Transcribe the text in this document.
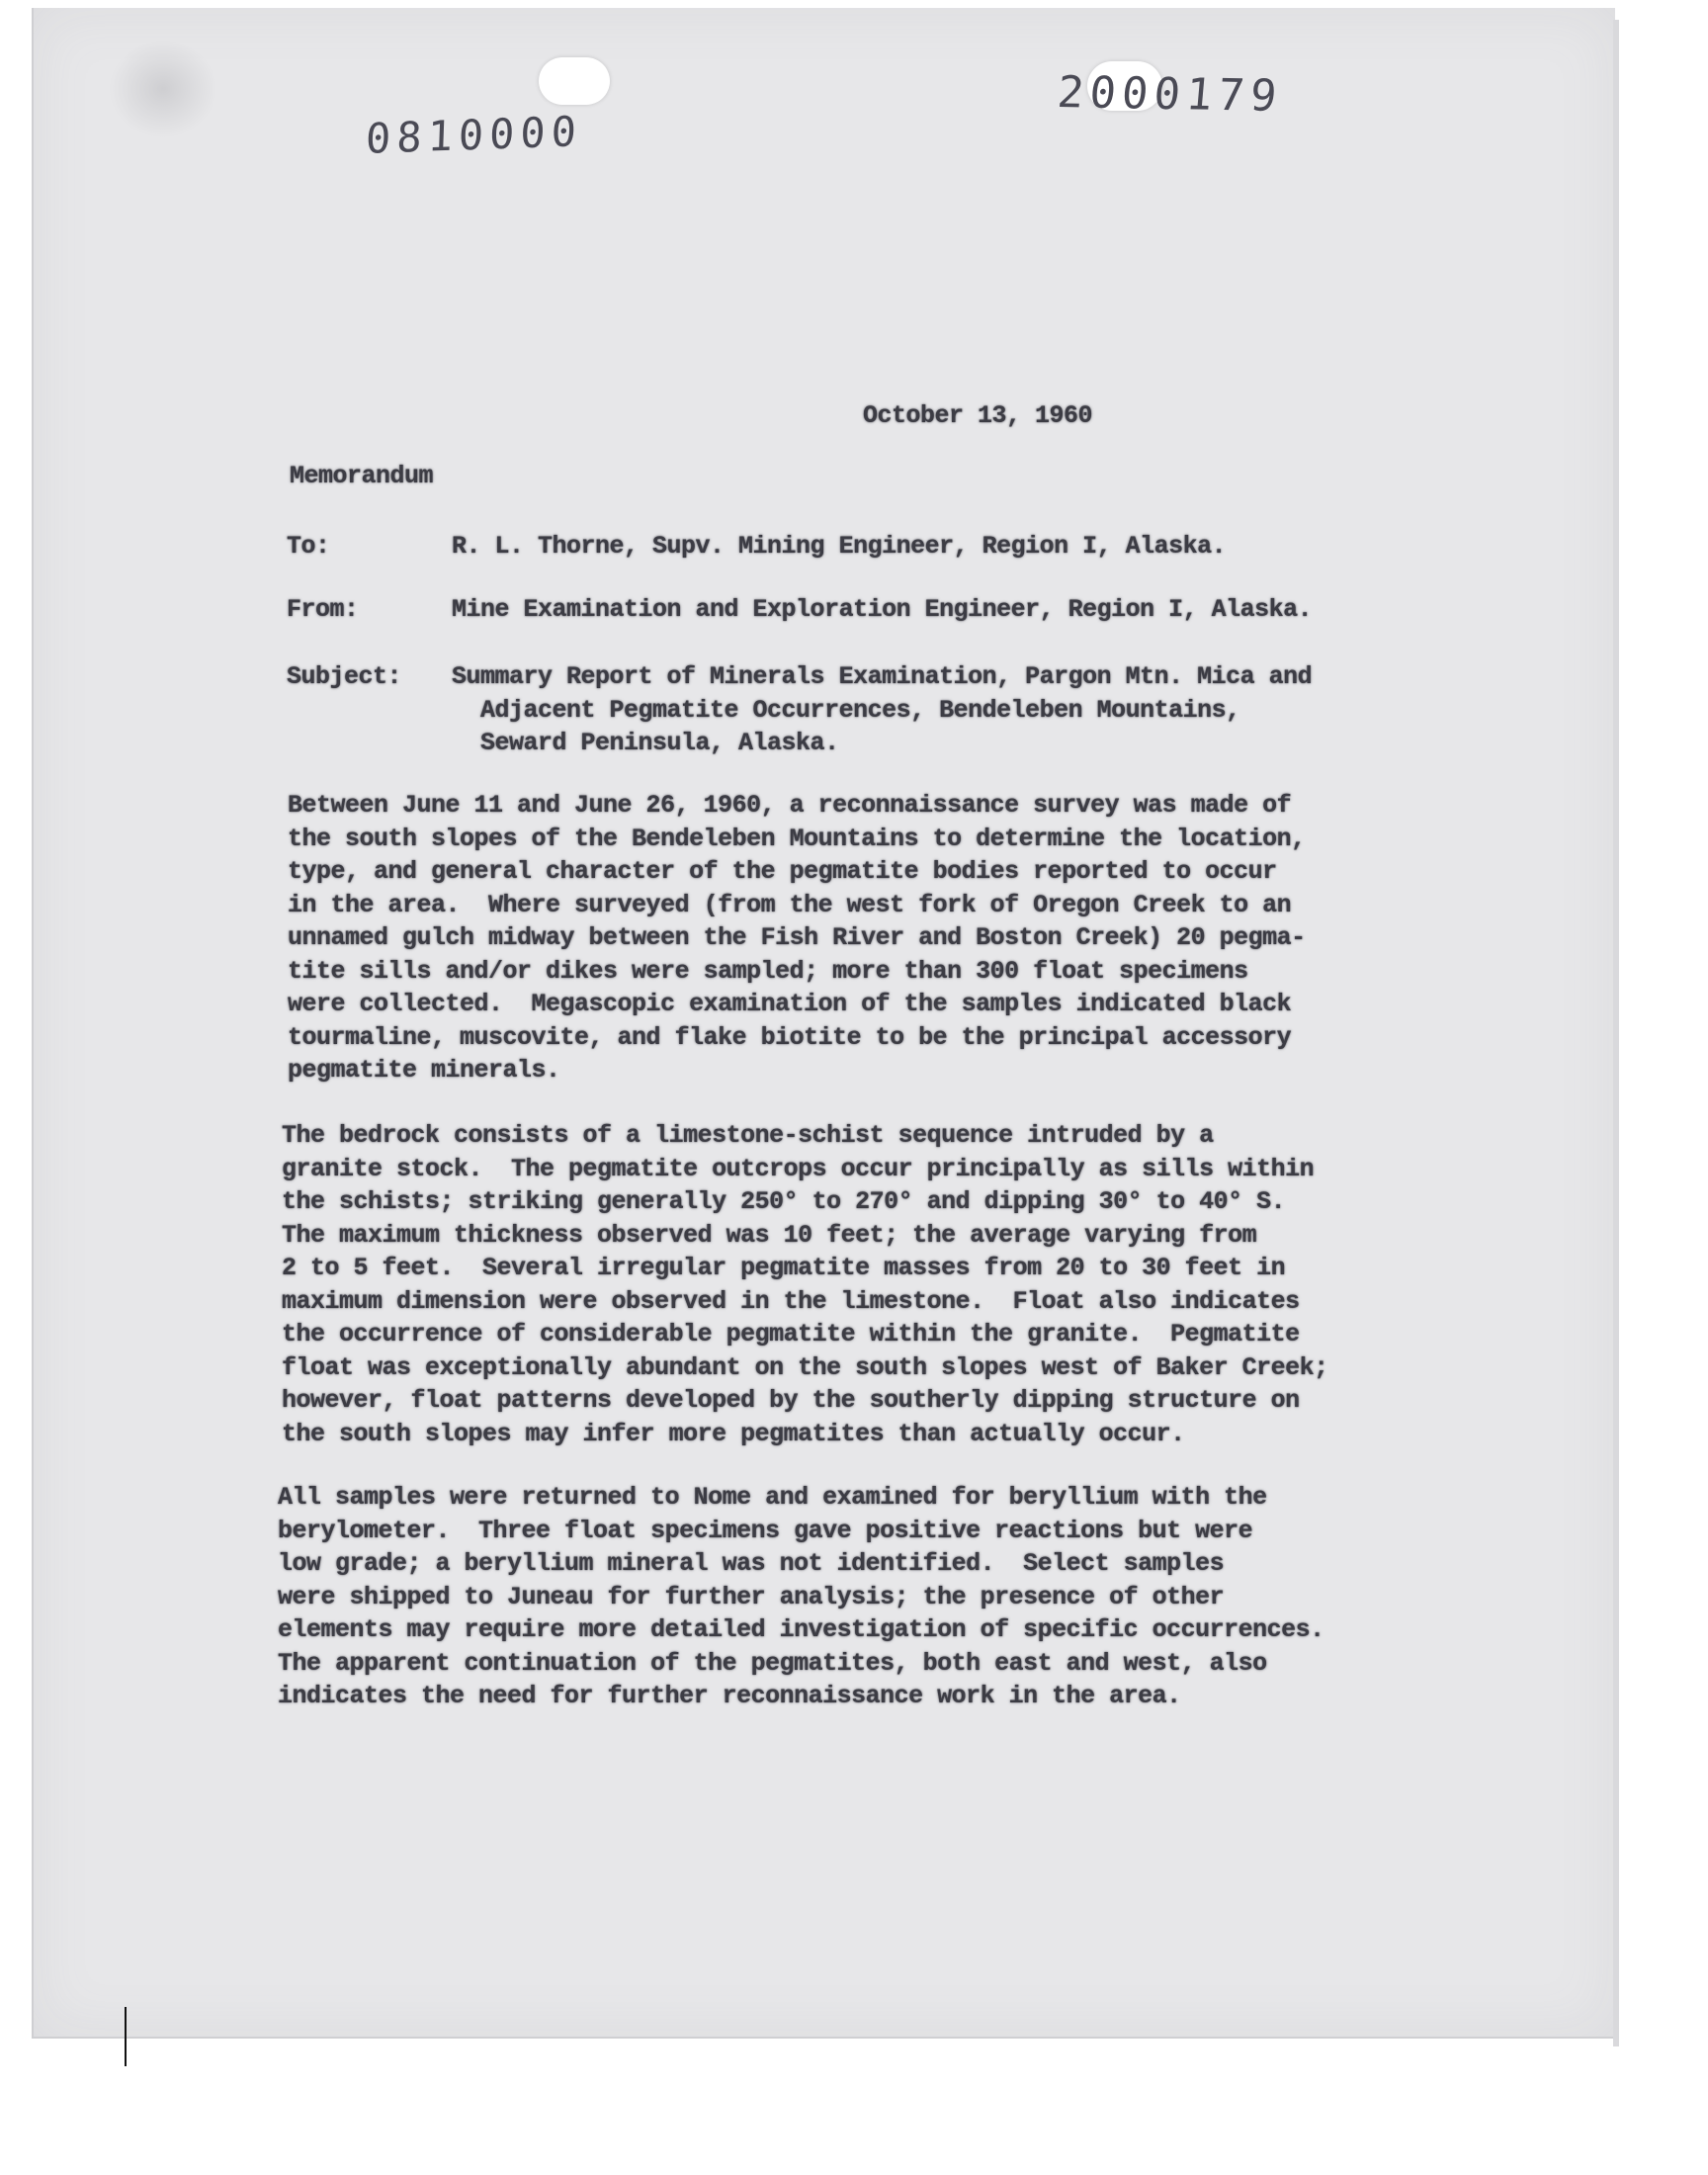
0810000
2000179
October 13, 1960
Memorandum
To:	R. L. Thorne, Supv. Mining Engineer, Region I, Alaska.
From:	Mine Examination and Exploration Engineer, Region I, Alaska.
Subject: Summary Report of Minerals Examination, Pargon Mtn. Mica and
Adjacent Pegmatite Occurrences, Bendeleben Mountains,
Seward Peninsula, Alaska.
Between June 11 and June 26, 1960, a reconnaissance survey was made of
the south slopes of the Bendeleben Mountains to determine the location,
type, and general character of the pegmatite bodies reported to occur
in the area.  Where surveyed (from the west fork of Oregon Creek to an
unnamed gulch midway between the Fish River and Boston Creek) 20 pegma-
tite sills and/or dikes were sampled; more than 300 float specimens
were collected.  Megascopic examination of the samples indicated black
tourmaline, muscovite, and flake biotite to be the principal accessory
pegmatite minerals.
The bedrock consists of a limestone-schist sequence intruded by a
granite stock.  The pegmatite outcrops occur principally as sills within
the schists; striking generally 250° to 270° and dipping 30° to 40° S.
The maximum thickness observed was 10 feet; the average varying from
2 to 5 feet.  Several irregular pegmatite masses from 20 to 30 feet in
maximum dimension were observed in the limestone.  Float also indicates
the occurrence of considerable pegmatite within the granite.  Pegmatite
float was exceptionally abundant on the south slopes west of Baker Creek;
however, float patterns developed by the southerly dipping structure on
the south slopes may infer more pegmatites than actually occur.
All samples were returned to Nome and examined for beryllium with the
berylometer.  Three float specimens gave positive reactions but were
low grade; a beryllium mineral was not identified.  Select samples
were shipped to Juneau for further analysis; the presence of other
elements may require more detailed investigation of specific occurrences.
The apparent continuation of the pegmatites, both east and west, also
indicates the need for further reconnaissance work in the area.
